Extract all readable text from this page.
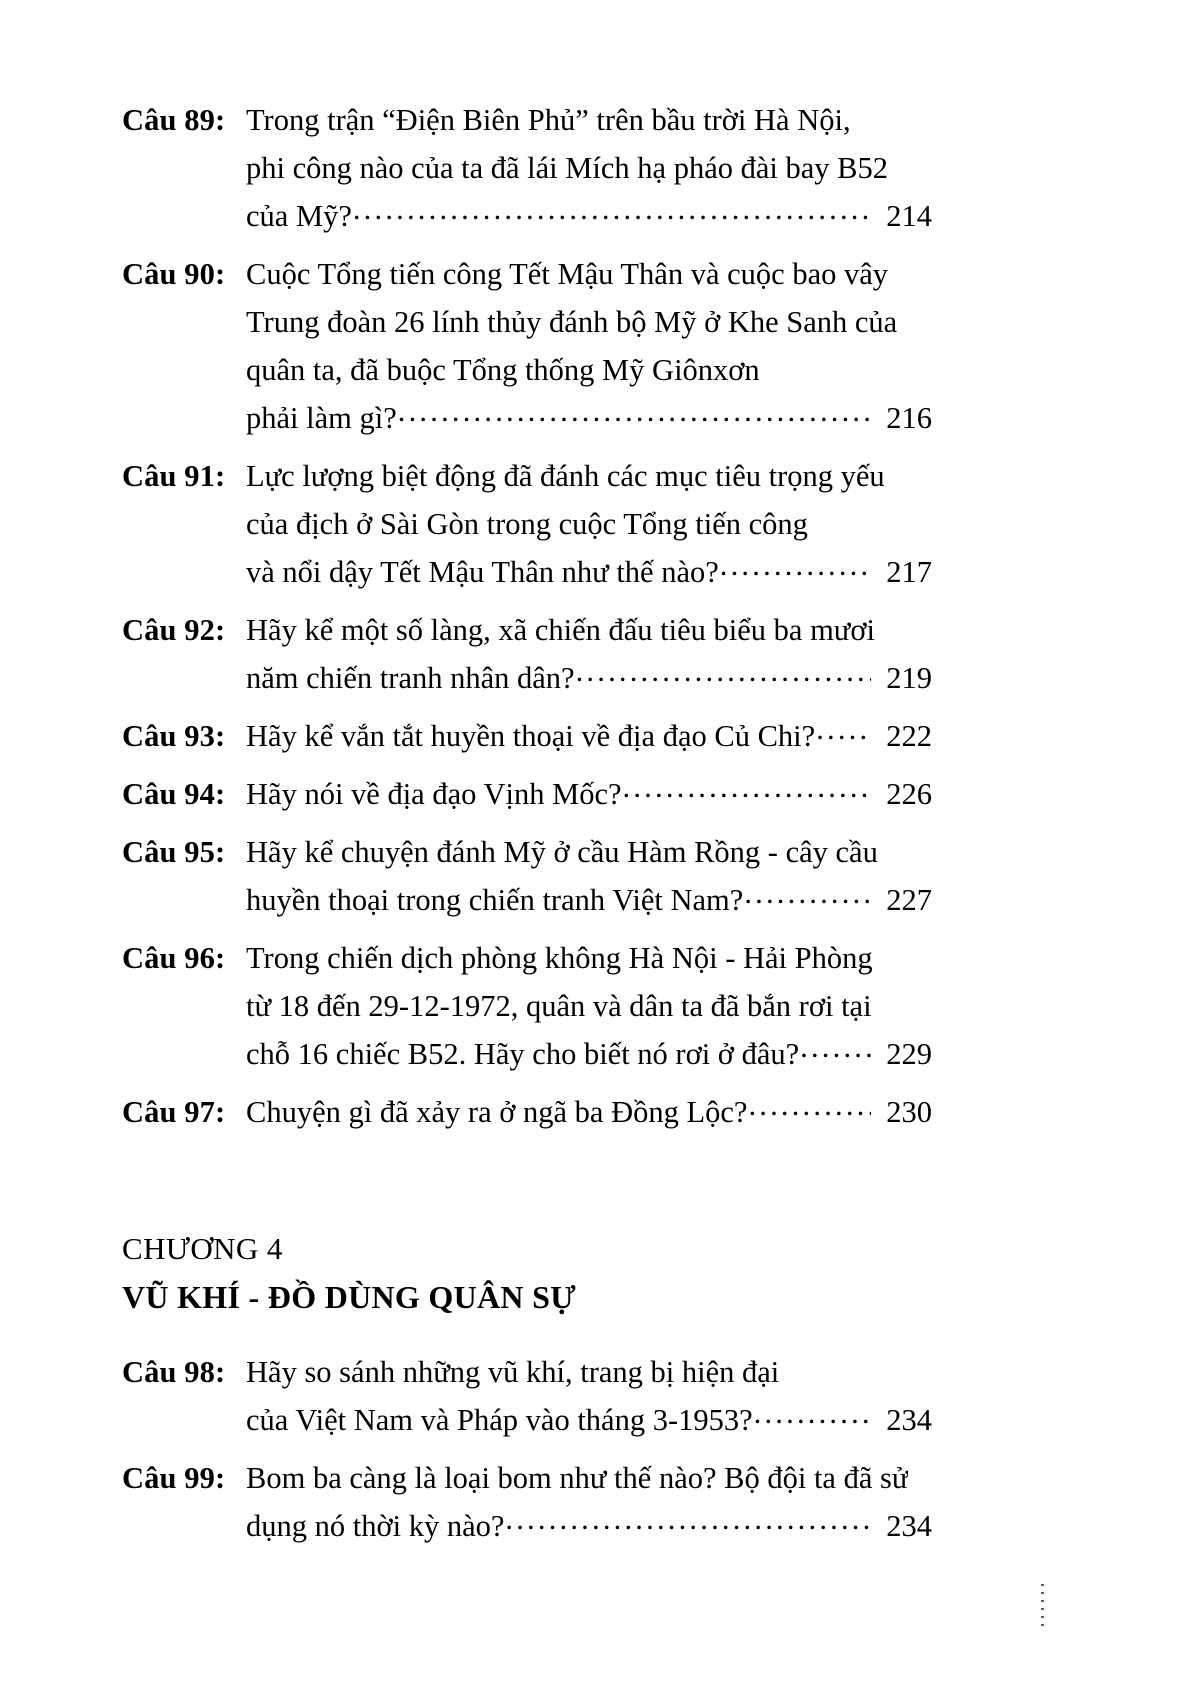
Câu 89: Trong trận “Điện Biên Phủ” trên bầu trời Hà Nội,
phi công nào của ta đã lái Mích hạ pháo đài bay B52
của Mỹ? .....	214
Câu 90: Cuộc Tổng tiến công Tết Mậu Thân và cuộc bao vây
Trung đoàn 26 lính thủy đánh bộ Mỹ ở Khe Sanh của
quân ta, đã buộc Tổng thống Mỹ Giônxơn
phải làm gì? .....	216
Câu 91: Lực lượng biệt động đã đánh các mục tiêu trọng yếu
của địch ở Sài Gòn trong cuộc Tổng tiến công
và nổi dậy Tết Mậu Thân như thế nào? .....	217
Câu 92: Hãy kể một số làng, xã chiến đấu tiêu biểu ba mươi
năm chiến tranh nhân dân? .....	219
Câu 93: Hãy kể vắn tắt huyền thoại về địa đạo Củ Chi? .....	222
Câu 94: Hãy nói về địa đạo Vịnh Mốc? .....	226
Câu 95: Hãy kể chuyện đánh Mỹ ở cầu Hàm Rồng - cây cầu
huyền thoại trong chiến tranh Việt Nam? .....	227
Câu 96: Trong chiến dịch phòng không Hà Nội - Hải Phòng
từ 18 đến 29-12-1972, quân và dân ta đã bắn rơi tại
chỗ 16 chiếc B52. Hãy cho biết nó rơi ở đâu? .....	229
Câu 97: Chuyện gì đã xảy ra ở ngã ba Đồng Lộc? .....	230
CHƯƠNG 4
VŨ KHÍ - ĐỒ DÙNG QUÂN SỰ
Câu 98: Hãy so sánh những vũ khí, trang bị hiện đại
của Việt Nam và Pháp vào tháng 3-1953? .....	234
Câu 99: Bom ba càng là loại bom như thế nào? Bộ đội ta đã sử
dụng nó thời kỳ nào? .....	234
